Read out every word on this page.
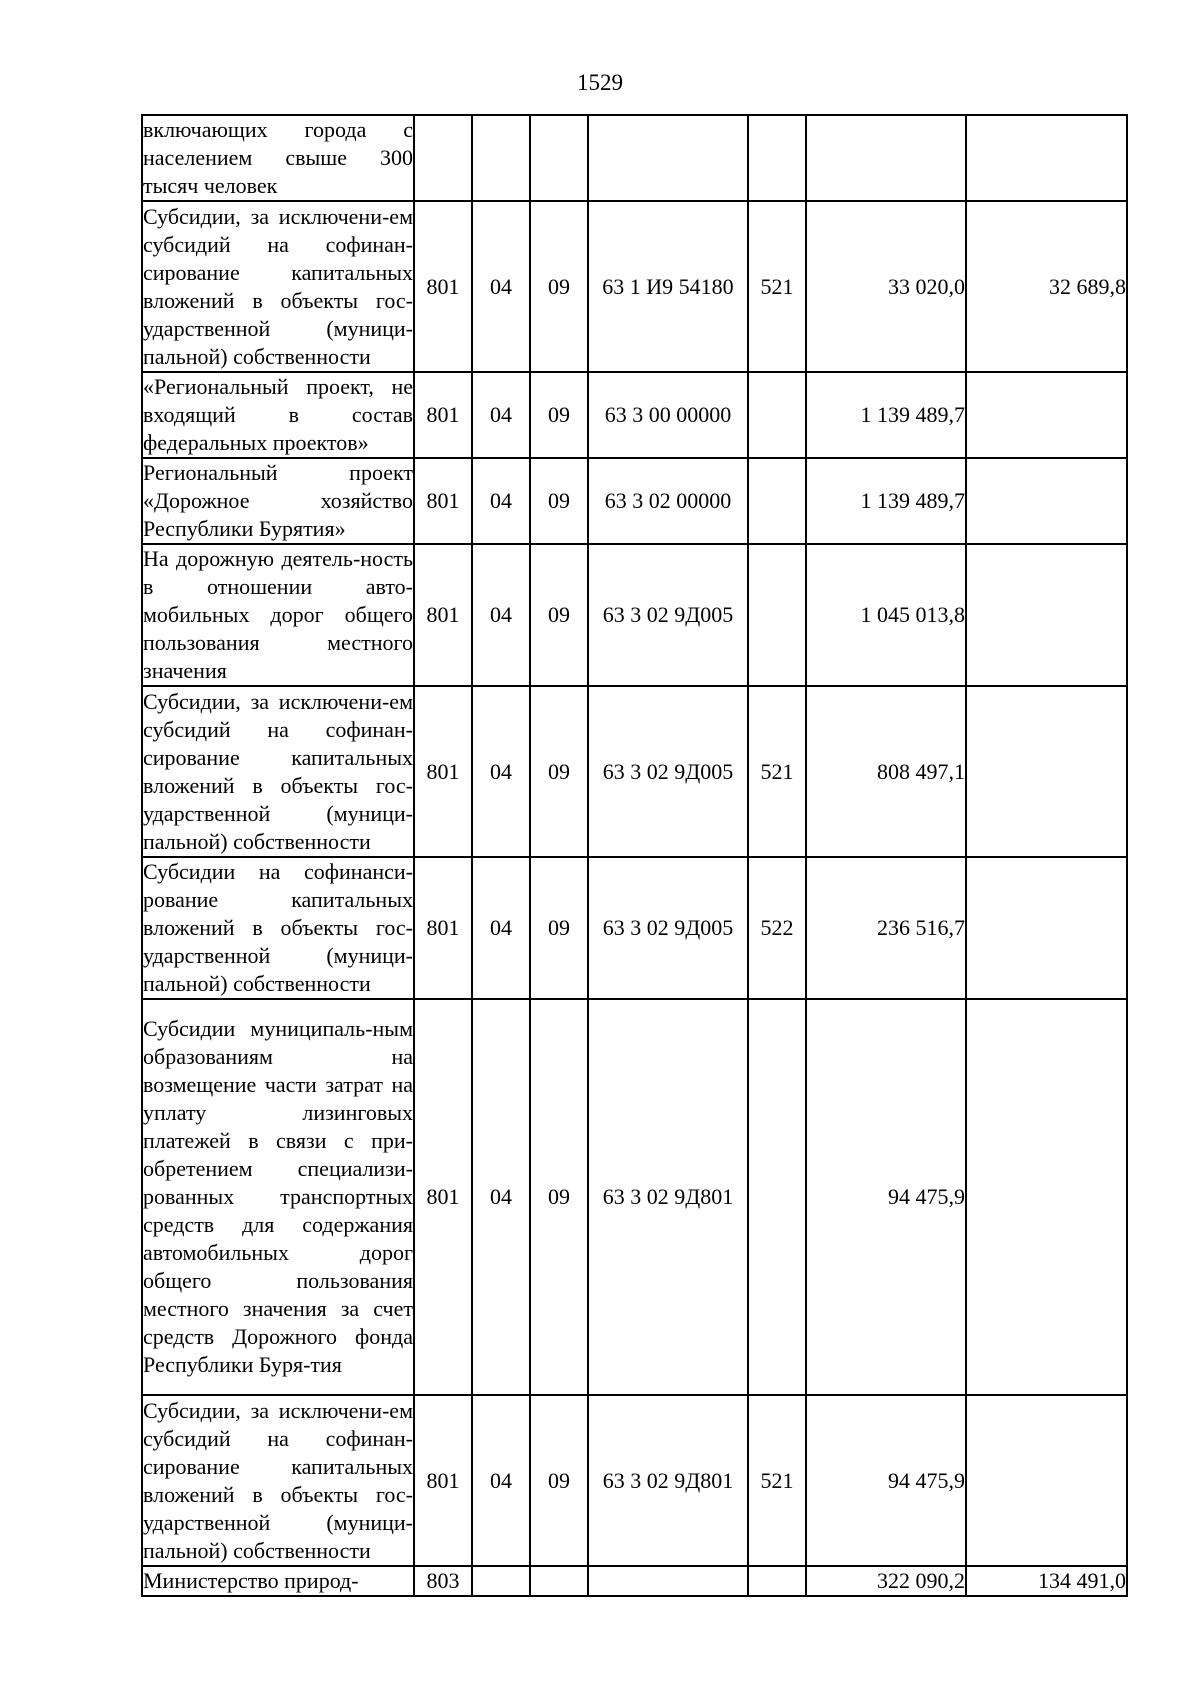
1529
включающих города с населением свыше 300 тысяч человек							
Субсидии, за исключени-ем субсидий на софинан-сирование капитальных вложений в объекты гос-ударственной (муници-пальной) собственности	801	04	09	63 1 И9 54180	521	33 020,0	32 689,8
«Региональный проект, не входящий в состав федеральных проектов»	801	04	09	63 3 00 00000		1 139 489,7	
Региональный проект «Дорожное хозяйство Республики Бурятия»	801	04	09	63 3 02 00000		1 139 489,7	
На дорожную деятель-ность в отношении авто-мобильных дорог общего пользования местного значения	801	04	09	63 3 02 9Д005		1 045 013,8	
Субсидии, за исключени-ем субсидий на софинан-сирование капитальных вложений в объекты гос-ударственной (муници-пальной) собственности	801	04	09	63 3 02 9Д005	521	808 497,1	
Субсидии на софинанси-рование капитальных вложений в объекты гос-ударственной (муници-пальной) собственности	801	04	09	63 3 02 9Д005	522	236 516,7	
Субсидии муниципаль-ным образованиям на возмещение части затрат на уплату лизинговых платежей в связи с при-обретением специализи-рованных транспортных средств для содержания автомобильных дорог общего пользования местного значения за счет средств Дорожного фонда Республики Буря-тия	801	04	09	63 3 02 9Д801		94 475,9	
Субсидии, за исключени-ем субсидий на софинан-сирование капитальных вложений в объекты гос-ударственной (муници-пальной) собственности	801	04	09	63 3 02 9Д801	521	94 475,9	
Министерство природ-	803					322 090,2	134 491,0
